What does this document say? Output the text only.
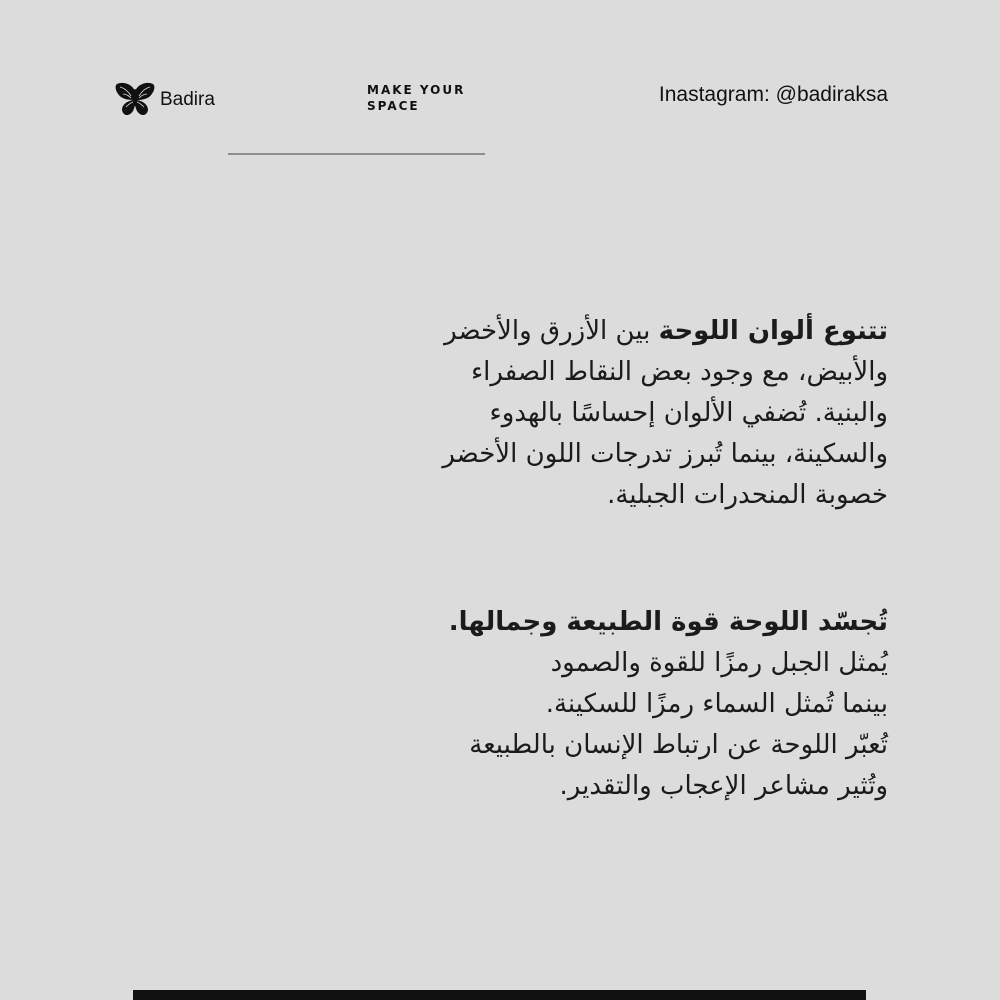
Badira	MAKE YOUR
SPACE	Inastagram: @badiraksa
تتنوع ألوان اللوحة بين الأزرق والأخضر
والأبيض، مع وجود بعض النقاط الصفراء
والبنية. تُضفي الألوان إحساسًا بالهدوء
والسكينة، بينما تُبرز تدرجات اللون الأخضر
خصوبة المنحدرات الجبلية.
تُجسّد اللوحة قوة الطبيعة وجمالها.
يُمثل الجبل رمزًا للقوة والصمود
بينما تُمثل السماء رمزًا للسكينة.
تُعبّر اللوحة عن ارتباط الإنسان بالطبيعة
وتُثير مشاعر الإعجاب والتقدير.
